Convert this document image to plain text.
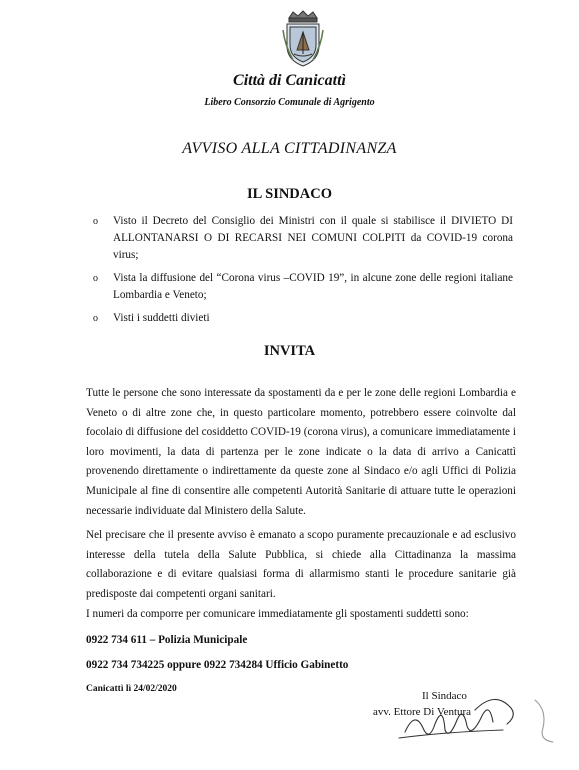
Città di Canicattì
Libero Consorzio Comunale di Agrigento
AVVISO ALLA CITTADINANZA
IL SINDACO
o Visto il Decreto del Consiglio dei Ministri con il quale si stabilisce il DIVIETO DI ALLONTANARSI O DI RECARSI NEI COMUNI COLPITI da COVID-19 corona virus;
o Vista la diffusione del “Corona virus –COVID 19”, in alcune zone delle regioni italiane Lombardia e Veneto;
o Visti i suddetti divieti
INVITA

Tutte le persone che sono interessate da spostamenti da e per le zone delle regioni Lombardia e Veneto o di altre zone che, in questo particolare momento, potrebbero essere coinvolte dal focolaio di diffusione del cosiddetto COVID-19 (corona virus), a comunicare immediatamente i loro movimenti, la data di partenza per le zone indicate o la data di arrivo a Canicattì provenendo direttamente o indirettamente da queste zone al Sindaco e/o agli Uffici di Polizia Municipale al fine di consentire alle competenti Autorità Sanitarie di attuare tutte le operazioni necessarie individuate dal Ministero della Salute.

Nel precisare che il presente avviso è emanato a scopo puramente precauzionale e ad esclusivo interesse della tutela della Salute Pubblica, si chiede alla Cittadinanza la massima collaborazione e di evitare qualsiasi forma di allarmismo stanti le procedure sanitarie già predisposte dai competenti organi sanitari.

I numeri da comporre per comunicare immediatamente gli spostamenti suddetti sono:

0922 734 611 – Polizia Municipale
0922 734 734225 oppure 0922 734284 Ufficio Gabinetto
Canicattì lì 24/02/2020
Il Sindaco
avv. Ettore Di Ventura
